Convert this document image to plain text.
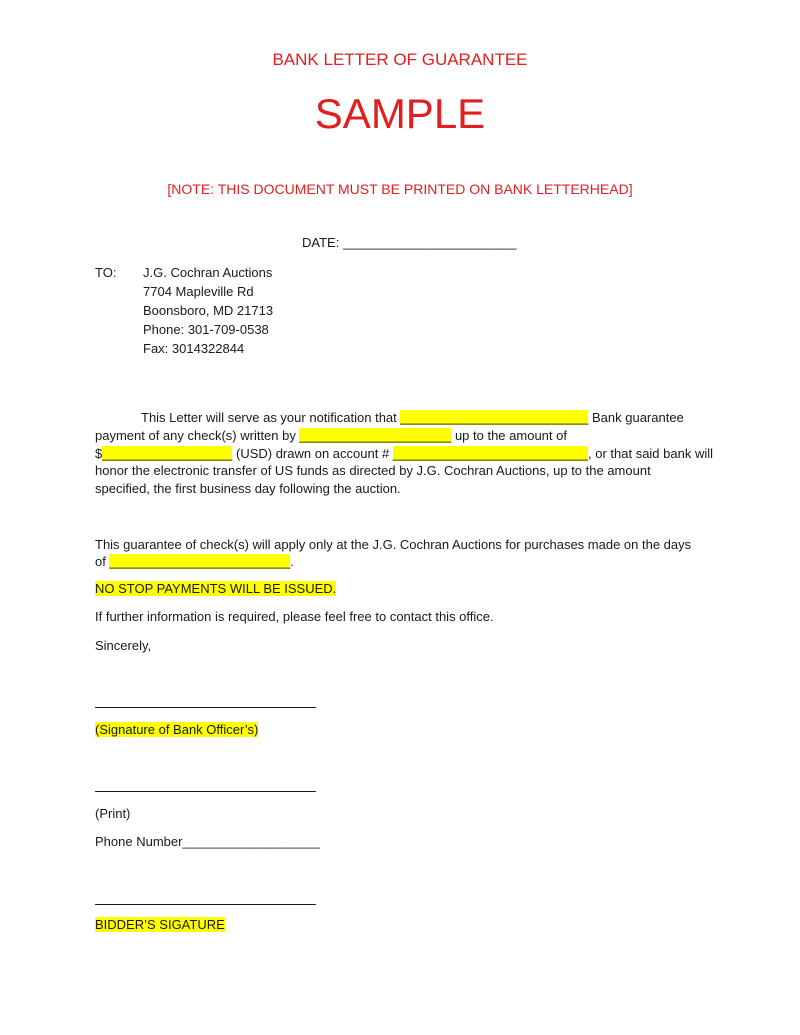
BANK LETTER OF GUARANTEE
SAMPLE
[NOTE: THIS DOCUMENT MUST BE PRINTED ON BANK LETTERHEAD]
DATE: ________________________
TO: J.G. Cochran Auctions
7704 Mapleville Rd
Boonsboro, MD 21713
Phone: 301-709-0538
Fax: 3014322844
This Letter will serve as your notification that __________________________ Bank guarantee
payment of any check(s) written by _____________________ up to the amount of
$__________________ (USD) drawn on account # ___________________________, or that said bank will
honor the electronic transfer of US funds as directed by J.G. Cochran Auctions, up to the amount
specified, the first business day following the auction.
This guarantee of check(s) will apply only at the J.G. Cochran Auctions for purchases made on the days
of _________________________.
NO STOP PAYMENTS WILL BE ISSUED.
If further information is required, please feel free to contact this office.
Sincerely,
(Signature of Bank Officer’s)
(Print)
Phone Number___________________
BIDDER’S SIGATURE
